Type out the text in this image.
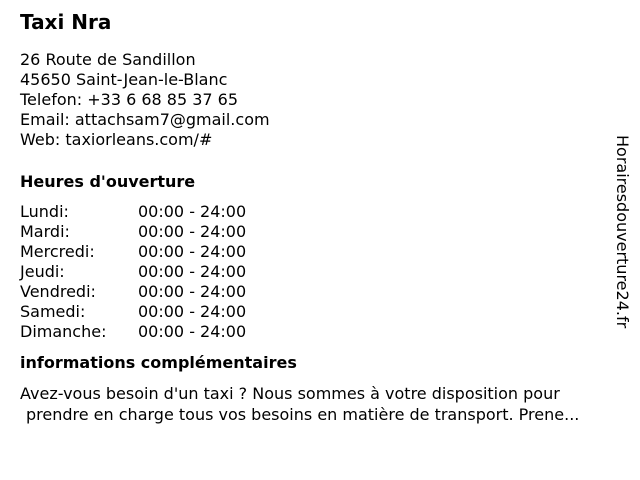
Taxi Nra
26 Route de Sandillon
45650 Saint-Jean-le-Blanc
Telefon: +33 6 68 85 37 65
Email: attachsam7@gmail.com
Web: taxiorleans.com/#
Heures d'ouverture
Lundi:	00:00 - 24:00
Mardi:	00:00 - 24:00
Mercredi:	00:00 - 24:00
Jeudi:	00:00 - 24:00
Vendredi:	00:00 - 24:00
Samedi:	00:00 - 24:00
Dimanche: 00:00 - 24:00
informations complémentaires
Avez-vous besoin d'un taxi ? Nous sommes à votre disposition pour
prendre en charge tous vos besoins en matière de transport. Prene...
Horairesdouverture24.fr
